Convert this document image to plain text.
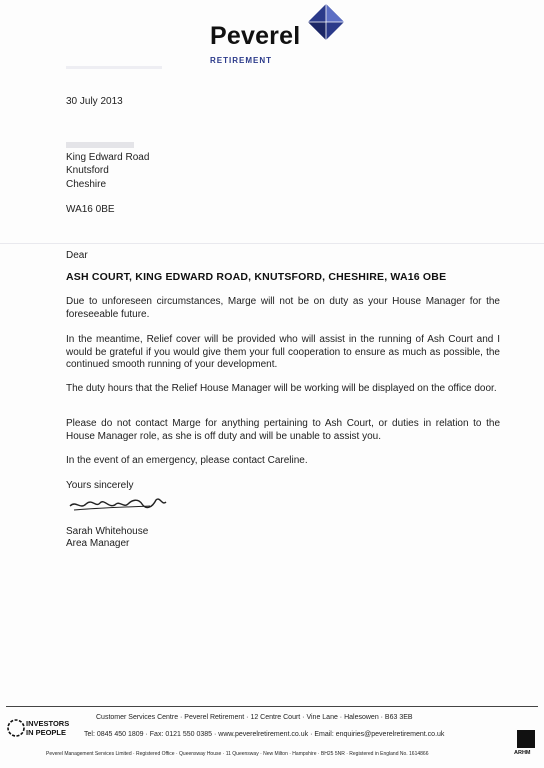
Peverel
RETIREMENT
30 July 2013
King Edward Road
Knutsford
Cheshire
WA16 0BE
Dear
ASH COURT, KING EDWARD ROAD, KNUTSFORD, CHESHIRE, WA16 OBE
Due to unforeseen circumstances, Marge will not be on duty as your House Manager for the foreseeable future.
In the meantime, Relief cover will be provided who will assist in the running of Ash Court and I would be grateful if you would give them your full cooperation to ensure as much as possible, the continued smooth running of your development.
The duty hours that the Relief House Manager will be working will be displayed on the office door.
Please do not contact Marge for anything pertaining to Ash Court, or duties in relation to the House Manager role, as she is off duty and will be unable to assist you.
In the event of an emergency, please contact Careline.
Yours sincerely
Sarah Whitehouse
Area Manager
INVESTORS
IN PEOPLE
Customer Services Centre · Peverel Retirement · 12 Centre Court · Vine Lane · Halesowen · B63 3EB
Tel: 0845 450 1809 · Fax: 0121 550 0385 · www.peverelretirement.co.uk · Email: enquiries@peverelretirement.co.uk
Peverel Management Services Limited · Registered Office · Queensway House · 11 Queensway · New Milton · Hampshire · BH25 5NR · Registered in England No. 1614866	ARHM
